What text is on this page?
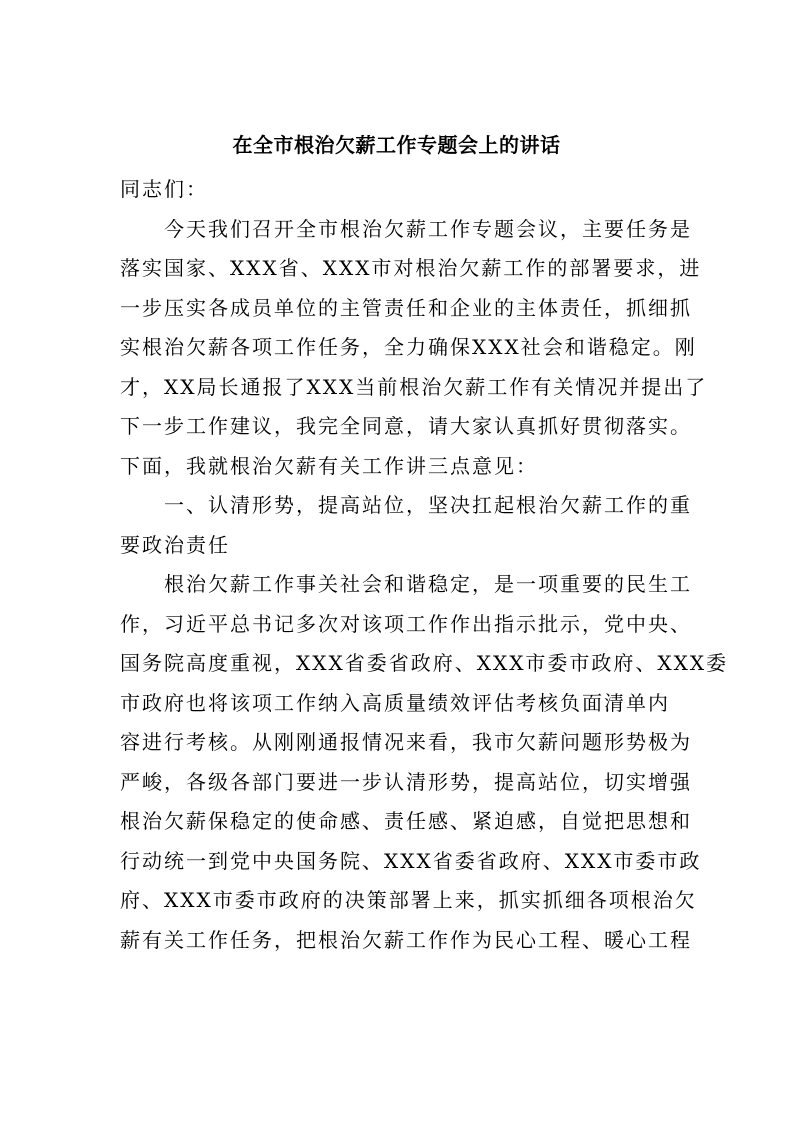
在全市根治欠薪工作专题会上的讲话
同志们：
今天我们召开全市根治欠薪工作专题会议，主要任务是
落实国家、XXX省、XXX市对根治欠薪工作的部署要求，进
一步压实各成员单位的主管责任和企业的主体责任，抓细抓
实根治欠薪各项工作任务，全力确保XXX社会和谐稳定。刚
才，XX局长通报了XXX当前根治欠薪工作有关情况并提出了
下一步工作建议，我完全同意，请大家认真抓好贯彻落实。
下面，我就根治欠薪有关工作讲三点意见：
一、认清形势，提高站位，坚决扛起根治欠薪工作的重
要政治责任
根治欠薪工作事关社会和谐稳定，是一项重要的民生工
作，习近平总书记多次对该项工作作出指示批示，党中央、
国务院高度重视，XXX省委省政府、XXX市委市政府、XXX委
市政府也将该项工作纳入高质量绩效评估考核负面清单内
容进行考核。从刚刚通报情况来看，我市欠薪问题形势极为
严峻，各级各部门要进一步认清形势，提高站位，切实增强
根治欠薪保稳定的使命感、责任感、紧迫感，自觉把思想和
行动统一到党中央国务院、XXX省委省政府、XXX市委市政
府、XXX市委市政府的决策部署上来，抓实抓细各项根治欠
薪有关工作任务，把根治欠薪工作作为民心工程、暖心工程
